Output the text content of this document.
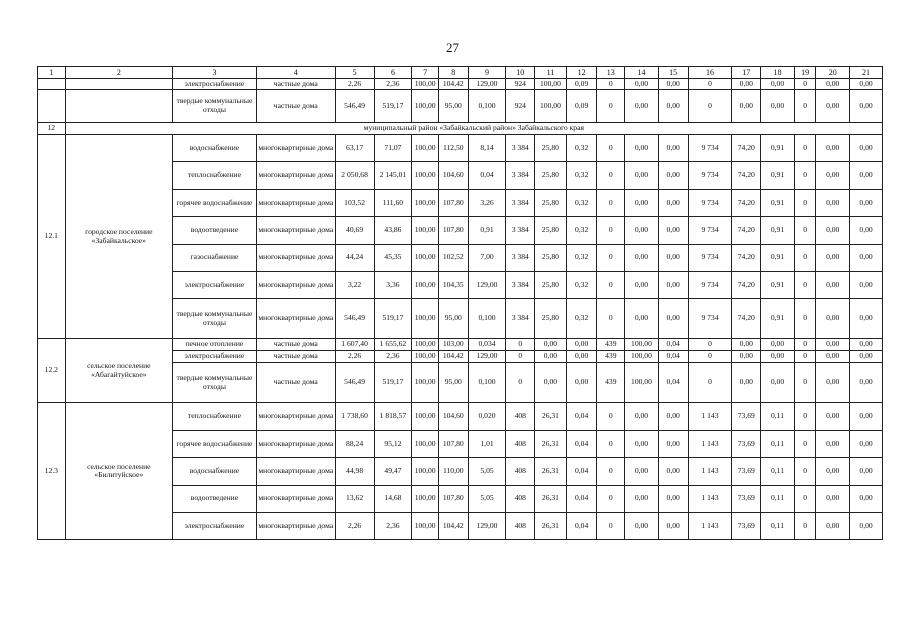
27
1	2	3	4	5	6	7	8	9	10	11	12	13	14	15	16	17	18	19	20	21
		электроснабжение	частные дома	2,26	2,36	100,00	104,42	129,00	924	100,00	0,09	0	0,00	0,00	0	0,00	0,00	0	0,00	0,00
		твердые коммунальные отходы	частные дома	546,49	519,17	100,00	95,00	0,100	924	100,00	0,09	0	0,00	0,00	0	0,00	0,00	0	0,00	0,00
12	муниципальный район «Забайкальский район» Забайкальского края																			
12.1	городское поселение «Забайкальское»	водоснабжение	многоквартирные дома	63,17	71,07	100,00	112,50	8,14	3 384	25,80	0,32	0	0,00	0,00	9 734	74,20	0,91	0	0,00	0,00
		теплоснабжение	многоквартирные дома	2 050,68	2 145,01	100,00	104,60	0,04	3 384	25,80	0,32	0	0,00	0,00	9 734	74,20	0,91	0	0,00	0,00
		горячее водоснабжение	многоквартирные дома	103,52	111,60	100,00	107,80	3,26	3 384	25,80	0,32	0	0,00	0,00	9 734	74,20	0,91	0	0,00	0,00
		водоотведение	многоквартирные дома	40,69	43,86	100,00	107,80	0,91	3 384	25,80	0,32	0	0,00	0,00	9 734	74,20	0,91	0	0,00	0,00
		газоснабжение	многоквартирные дома	44,24	45,35	100,00	102,52	7,00	3 384	25,80	0,32	0	0,00	0,00	9 734	74,20	0,91	0	0,00	0,00
		электроснабжение	многоквартирные дома	3,22	3,36	100,00	104,35	129,00	3 384	25,80	0,32	0	0,00	0,00	9 734	74,20	0,91	0	0,00	0,00
		твердые коммунальные отходы	многоквартирные дома	546,49	519,17	100,00	95,00	0,100	3 384	25,80	0,32	0	0,00	0,00	9 734	74,20	0,91	0	0,00	0,00
12.2	сельское поселение «Абагайтуйское»	печное отопление	частные дома	1 607,40	1 655,62	100,00	103,00	0,034	0	0,00	0,00	439	100,00	0,04	0	0,00	0,00	0	0,00	0,00
		электроснабжение	частные дома	2,26	2,36	100,00	104,42	129,00	0	0,00	0,00	439	100,00	0,04	0	0,00	0,00	0	0,00	0,00
		твердые коммунальные отходы	частные дома	546,49	519,17	100,00	95,00	0,100	0	0,00	0,00	439	100,00	0,04	0	0,00	0,00	0	0,00	0,00
12.3	сельское поселение «Билитуйское»	теплоснабжение	многоквартирные дома	1 738,60	1 818,57	100,00	104,60	0,020	408	26,31	0,04	0	0,00	0,00	1 143	73,69	0,11	0	0,00	0,00
		горячее водоснабжение	многоквартирные дома	88,24	95,12	100,00	107,80	1,01	408	26,31	0,04	0	0,00	0,00	1 143	73,69	0,11	0	0,00	0,00
		водоснабжение	многоквартирные дома	44,98	49,47	100,00	110,00	5,05	408	26,31	0,04	0	0,00	0,00	1 143	73,69	0,11	0	0,00	0,00
		водоотведение	многоквартирные дома	13,62	14,68	100,00	107,80	5,05	408	26,31	0,04	0	0,00	0,00	1 143	73,69	0,11	0	0,00	0,00
		электроснабжение	многоквартирные дома	2,26	2,36	100,00	104,42	129,00	408	26,31	0,04	0	0,00	0,00	1 143	73,69	0,11	0	0,00	0,00
